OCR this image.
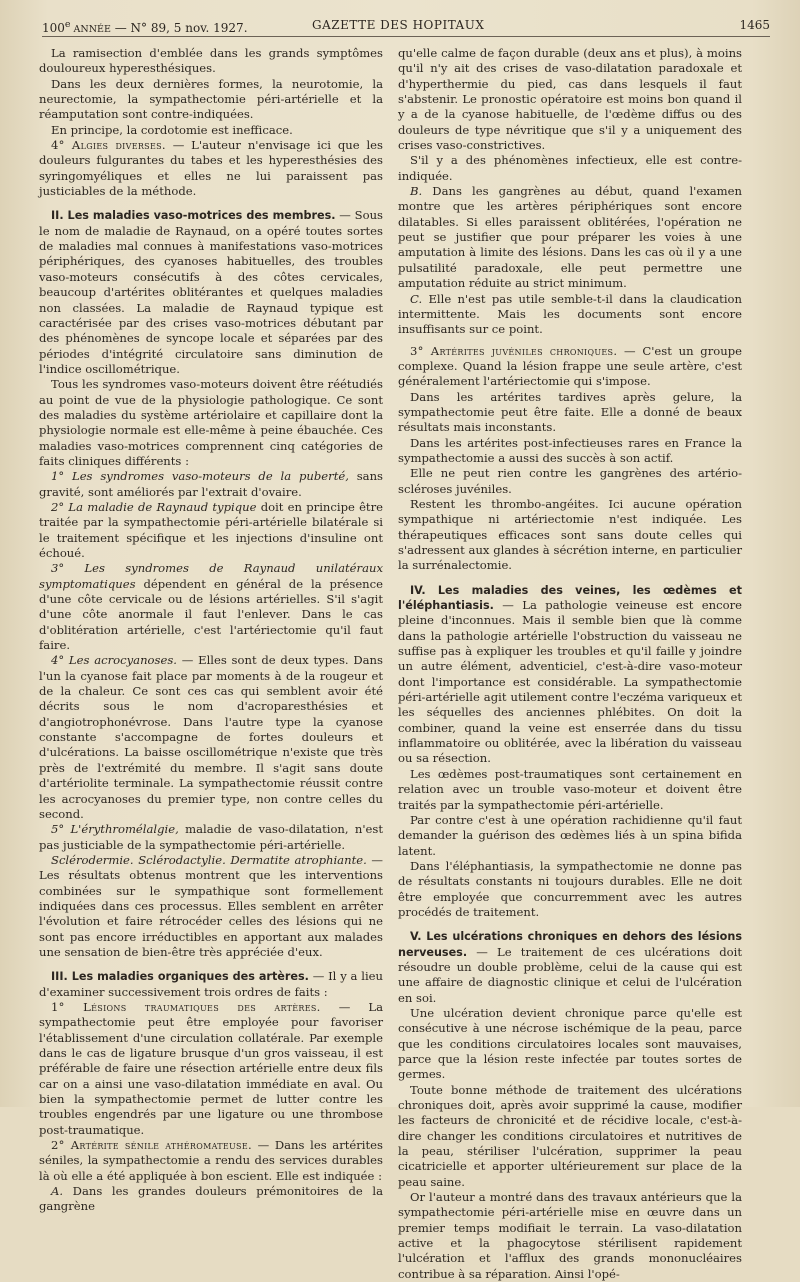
100e ANNÉE — N° 89, 5 nov. 1927.	GAZETTE DES HOPITAUX	1465

La ramisection d'emblée dans les grands symptômes douloureux hyperesthésiques.

Dans les deux dernières formes, la neurotomie, la neurectomie, la sympathectomie péri-artérielle et la réamputation sont contre-indiquées.

En principe, la cordotomie est inefficace.

4° Algies diverses. — L'auteur n'envisage ici que les douleurs fulgurantes du tabes et les hyperesthésies des syringomyéliques et elles ne lui paraissent pas justiciables de la méthode.

II. Les maladies vaso-motrices des membres. — Sous le nom de maladie de Raynaud, on a opéré toutes sortes de maladies mal connues à manifestations vaso-motrices périphériques, des cyanoses habituelles, des troubles vaso-moteurs consécutifs à des côtes cervicales, beaucoup d'artérites oblitérantes et quelques maladies non classées. La maladie de Raynaud typique est caractérisée par des crises vaso-motrices débutant par des phénomènes de syncope locale et séparées par des périodes d'intégrité circulatoire sans diminution de l'indice oscillométrique.

Tous les syndromes vaso-moteurs doivent être réétudiés au point de vue de la physiologie pathologique. Ce sont des maladies du système artériolaire et capillaire dont la physiologie normale est elle-même à peine ébauchée. Ces maladies vaso-motrices comprennent cinq catégories de faits cliniques différents :

1° Les syndromes vaso-moteurs de la puberté, sans gravité, sont améliorés par l'extrait d'ovaire.

2° La maladie de Raynaud typique doit en principe être traitée par la sympathectomie péri-artérielle bilatérale si le traitement spécifique et les injections d'insuline ont échoué.

3° Les syndromes de Raynaud unilatéraux symptomatiques dépendent en général de la présence d'une côte cervicale ou de lésions artérielles. S'il s'agit d'une côte anormale il faut l'enlever. Dans le cas d'oblitération artérielle, c'est l'artériectomie qu'il faut faire.

4° Les acrocyanoses. — Elles sont de deux types. Dans l'un la cyanose fait place par moments à de la rougeur et de la chaleur. Ce sont ces cas qui semblent avoir été décrits sous le nom d'acroparesthésies et d'angiotrophonévrose. Dans l'autre type la cyanose constante s'accompagne de fortes douleurs et d'ulcérations. La baisse oscillométrique n'existe que très près de l'extrémité du membre. Il s'agit sans doute d'artériolite terminale. La sympathectomie réussit contre les acrocyanoses du premier type, non contre celles du second.

5° L'érythromélalgie, maladie de vaso-dilatation, n'est pas justiciable de la sympathectomie péri-artérielle.

Sclérodermie. Sclérodactylie. Dermatite atrophiante. — Les résultats obtenus montrent que les interventions combinées sur le sympathique sont formellement indiquées dans ces processus. Elles semblent en arrêter l'évolution et faire rétrocéder celles des lésions qui ne sont pas encore irréductibles en apportant aux malades une sensation de bien-être très appréciée d'eux.

III. Les maladies organiques des artères. — Il y a lieu d'examiner successivement trois ordres de faits :

1° Lésions traumatiques des artères. — La sympathectomie peut être employée pour favoriser l'établissement d'une circulation collatérale. Par exemple dans le cas de ligature brusque d'un gros vaisseau, il est préférable de faire une résection artérielle entre deux fils car on a ainsi une vaso-dilatation immédiate en aval. Ou bien la sympathectomie permet de lutter contre les troubles engendrés par une ligature ou une thrombose post-traumatique.

2° Artérite sénile athéromateuse. — Dans les artérites séniles, la sympathectomie a rendu des services durables là où elle a été appliquée à bon escient. Elle est indiquée :

A. Dans les grandes douleurs prémonitoires de la gangrène

qu'elle calme de façon durable (deux ans et plus), à moins qu'il n'y ait des crises de vaso-dilatation paradoxale et d'hyperthermie du pied, cas dans lesquels il faut s'abstenir. Le pronostic opératoire est moins bon quand il y a de la cyanose habituelle, de l'œdème diffus ou des douleurs de type névritique que s'il y a uniquement des crises vaso-constrictives.

S'il y a des phénomènes infectieux, elle est contre-indiquée.

B. Dans les gangrènes au début, quand l'examen montre que les artères périphériques sont encore dilatables. Si elles paraissent oblitérées, l'opération ne peut se justifier que pour préparer les voies à une amputation à limite des lésions. Dans les cas où il y a une pulsatilité paradoxale, elle peut permettre une amputation réduite au strict minimum.

C. Elle n'est pas utile semble-t-il dans la claudication intermittente. Mais les documents sont encore insuffisants sur ce point.

3° Artérites juvéniles chroniques. — C'est un groupe complexe. Quand la lésion frappe une seule artère, c'est généralement l'artériectomie qui s'impose.

Dans les artérites tardives après gelure, la sympathectomie peut être faite. Elle a donné de beaux résultats mais inconstants.

Dans les artérites post-infectieuses rares en France la sympathectomie a aussi des succès à son actif.

Elle ne peut rien contre les gangrènes des artério-scléroses juvéniles.

Restent les thrombo-angéites. Ici aucune opération sympathique ni artériectomie n'est indiquée. Les thérapeutiques efficaces sont sans doute celles qui s'adressent aux glandes à sécrétion interne, en particulier la surrénalectomie.

IV. Les maladies des veines, les œdèmes et l'éléphantiasis. — La pathologie veineuse est encore pleine d'inconnues. Mais il semble bien que là comme dans la pathologie artérielle l'obstruction du vaisseau ne suffise pas à expliquer les troubles et qu'il faille y joindre un autre élément, adventiciel, c'est-à-dire vaso-moteur dont l'importance est considérable. La sympathectomie péri-artérielle agit utilement contre l'eczéma variqueux et les séquelles des anciennes phlébites. On doit la combiner, quand la veine est enserrée dans du tissu inflammatoire ou oblitérée, avec la libération du vaisseau ou sa résection.

Les œdèmes post-traumatiques sont certainement en relation avec un trouble vaso-moteur et doivent être traités par la sympathectomie péri-artérielle.

Par contre c'est à une opération rachidienne qu'il faut demander la guérison des œdèmes liés à un spina bifida latent.

Dans l'éléphantiasis, la sympathectomie ne donne pas de résultats constants ni toujours durables. Elle ne doit être employée que concurremment avec les autres procédés de traitement.

V. Les ulcérations chroniques en dehors des lésions nerveuses. — Le traitement de ces ulcérations doit résoudre un double problème, celui de la cause qui est une affaire de diagnostic clinique et celui de l'ulcération en soi.

Une ulcération devient chronique parce qu'elle est consécutive à une nécrose ischémique de la peau, parce que les conditions circulatoires locales sont mauvaises, parce que la lésion reste infectée par toutes sortes de germes.

Toute bonne méthode de traitement des ulcérations chroniques doit, après avoir supprimé la cause, modifier les facteurs de chronicité et de récidive locale, c'est-à-dire changer les conditions circulatoires et nutritives de la peau, stériliser l'ulcération, supprimer la peau cicatricielle et apporter ultérieurement sur place de la peau saine.

Or l'auteur a montré dans des travaux antérieurs que la sympathectomie péri-artérielle mise en œuvre dans un premier temps modifiait le terrain. La vaso-dilatation active et la phagocytose stérilisent rapidement l'ulcération et l'afflux des grands mononucléaires contribue à sa réparation. Ainsi l'opé-
